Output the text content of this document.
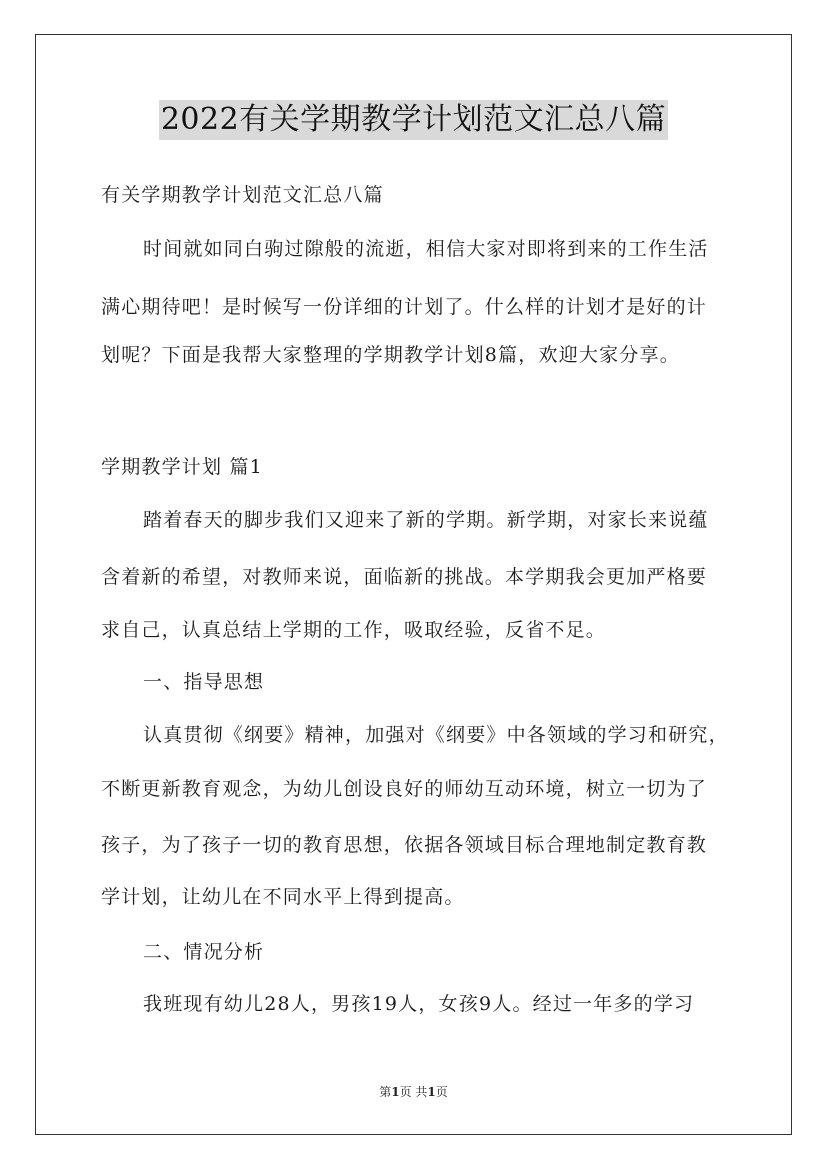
2022有关学期教学计划范文汇总八篇
有关学期教学计划范文汇总八篇
时间就如同白驹过隙般的流逝，相信大家对即将到来的工作生活
满心期待吧！是时候写一份详细的计划了。什么样的计划才是好的计
划呢？下面是我帮大家整理的学期教学计划8篇，欢迎大家分享。
学期教学计划 篇1
踏着春天的脚步我们又迎来了新的学期。新学期，对家长来说蕴
含着新的希望，对教师来说，面临新的挑战。本学期我会更加严格要
求自己，认真总结上学期的工作，吸取经验，反省不足。
一、指导思想
认真贯彻《纲要》精神，加强对《纲要》中各领域的学习和研究，
不断更新教育观念，为幼儿创设良好的师幼互动环境，树立一切为了
孩子，为了孩子一切的教育思想，依据各领域目标合理地制定教育教
学计划，让幼儿在不同水平上得到提高。
二、情况分析
我班现有幼儿28人，男孩19人，女孩9人。经过一年多的学习
第1页 共1页
